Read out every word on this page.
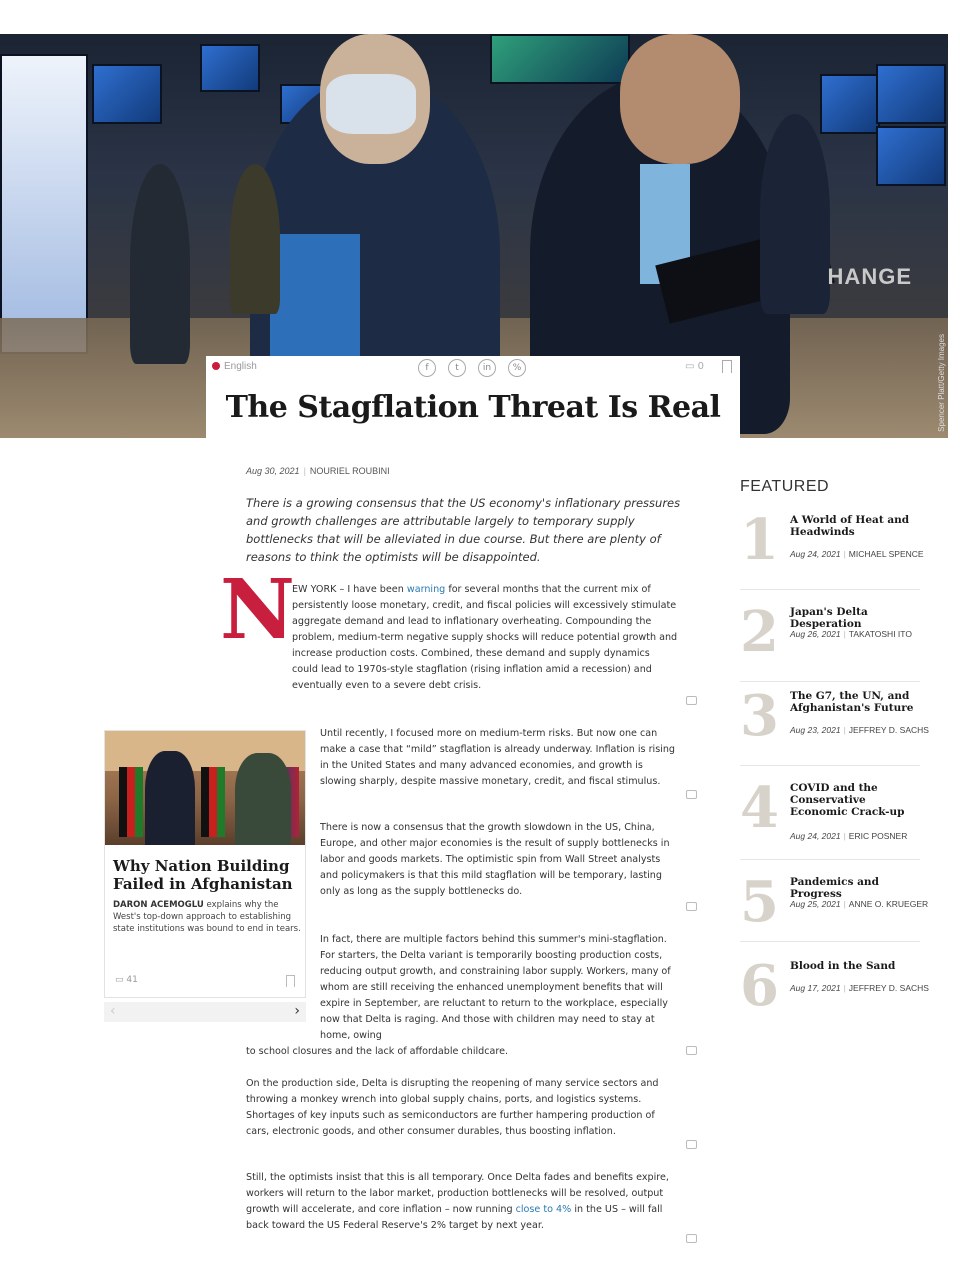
HANGE
Spencer Platt/Getty Images
English	f	t	in	%	▭ 0
The Stagflation Threat Is Real
Aug 30, 2021 | NOURIEL ROUBINI

There is a growing consensus that the US economy's inflationary pressures and growth challenges are attributable largely to temporary supply bottlenecks that will be alleviated in due course. But there are plenty of reasons to think the optimists will be disappointed.

N
EW YORK – I have been warning for several months that the current mix of persistently loose monetary, credit, and fiscal policies will excessively stimulate aggregate demand and lead to inflationary overheating. Compounding the problem, medium-term negative supply shocks will reduce potential growth and increase production costs. Combined, these demand and supply dynamics could lead to 1970s-style stagflation (rising inflation amid a recession) and eventually even to a severe debt crisis.
Until recently, I focused more on medium-term risks. But now one can make a case that “mild” stagflation is already underway. Inflation is rising in the United States and many advanced economies, and growth is slowing sharply, despite massive monetary, credit, and fiscal stimulus.
There is now a consensus that the growth slowdown in the US, China, Europe, and other major economies is the result of supply bottlenecks in labor and goods markets. The optimistic spin from Wall Street analysts and policymakers is that this mild stagflation will be temporary, lasting only as long as the supply bottlenecks do.
In fact, there are multiple factors behind this summer's mini-stagflation. For starters, the Delta variant is temporarily boosting production costs, reducing output growth, and constraining labor supply. Workers, many of whom are still receiving the enhanced unemployment benefits that will expire in September, are reluctant to return to the workplace, especially now that Delta is raging. And those with children may need to stay at home, owing
to school closures and the lack of affordable childcare.
On the production side, Delta is disrupting the reopening of many service sectors and throwing a monkey wrench into global supply chains, ports, and logistics systems. Shortages of key inputs such as semiconductors are further hampering production of cars, electronic goods, and other consumer durables, thus boosting inflation.
Still, the optimists insist that this is all temporary. Once Delta fades and benefits expire, workers will return to the labor market, production bottlenecks will be resolved, output growth will accelerate, and core inflation – now running close to 4% in the US – will fall back toward the US Federal Reserve's 2% target by next year.
Why Nation Building Failed in Afghanistan
DARON ACEMOGLU explains why the West's top-down approach to establishing state institutions was bound to end in tears.
▭ 41
‹	›
FEATURED
1 A World of Heat and Headwinds
Aug 24, 2021 | MICHAEL SPENCE
2 Japan's Delta Desperation
Aug 26, 2021 | TAKATOSHI ITO
3 The G7, the UN, and Afghanistan's Future
Aug 23, 2021 | JEFFREY D. SACHS
4 COVID and the Conservative Economic Crack-up
Aug 24, 2021 | ERIC POSNER
5 Pandemics and Progress
Aug 25, 2021 | ANNE O. KRUEGER
6 Blood in the Sand
Aug 17, 2021 | JEFFREY D. SACHS
